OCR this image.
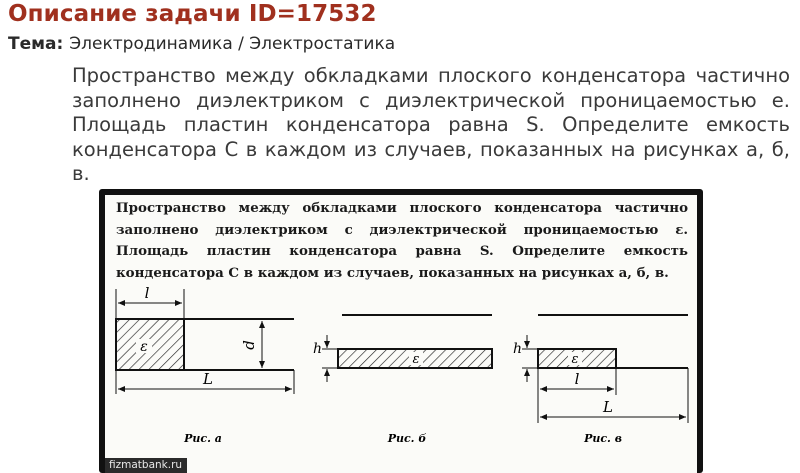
Описание задачи ID=17532
Тема: Электродинамика / Электростатика

Пространство между обкладками плоского конденсатора частично заполнено диэлектриком с диэлектрической проницаемостью e. Площадь пластин конденсатора равна S. Определите емкость конденсатора C в каждом из случаев, показанных на рисунках а, б, в.

Пространство между обкладками плоского конденсатора частично заполнено диэлектриком с диэлектрической проницаемостью ε. Площадь пластин конденсатора равна S. Определите емкость конденсатора C в каждом из случаев, показанных на рисунках а, б, в.

ε
l
d
L
Рис. а
ε
h
Рис. б
ε
h
l
L
Рис. в
fizmatbank.ru
